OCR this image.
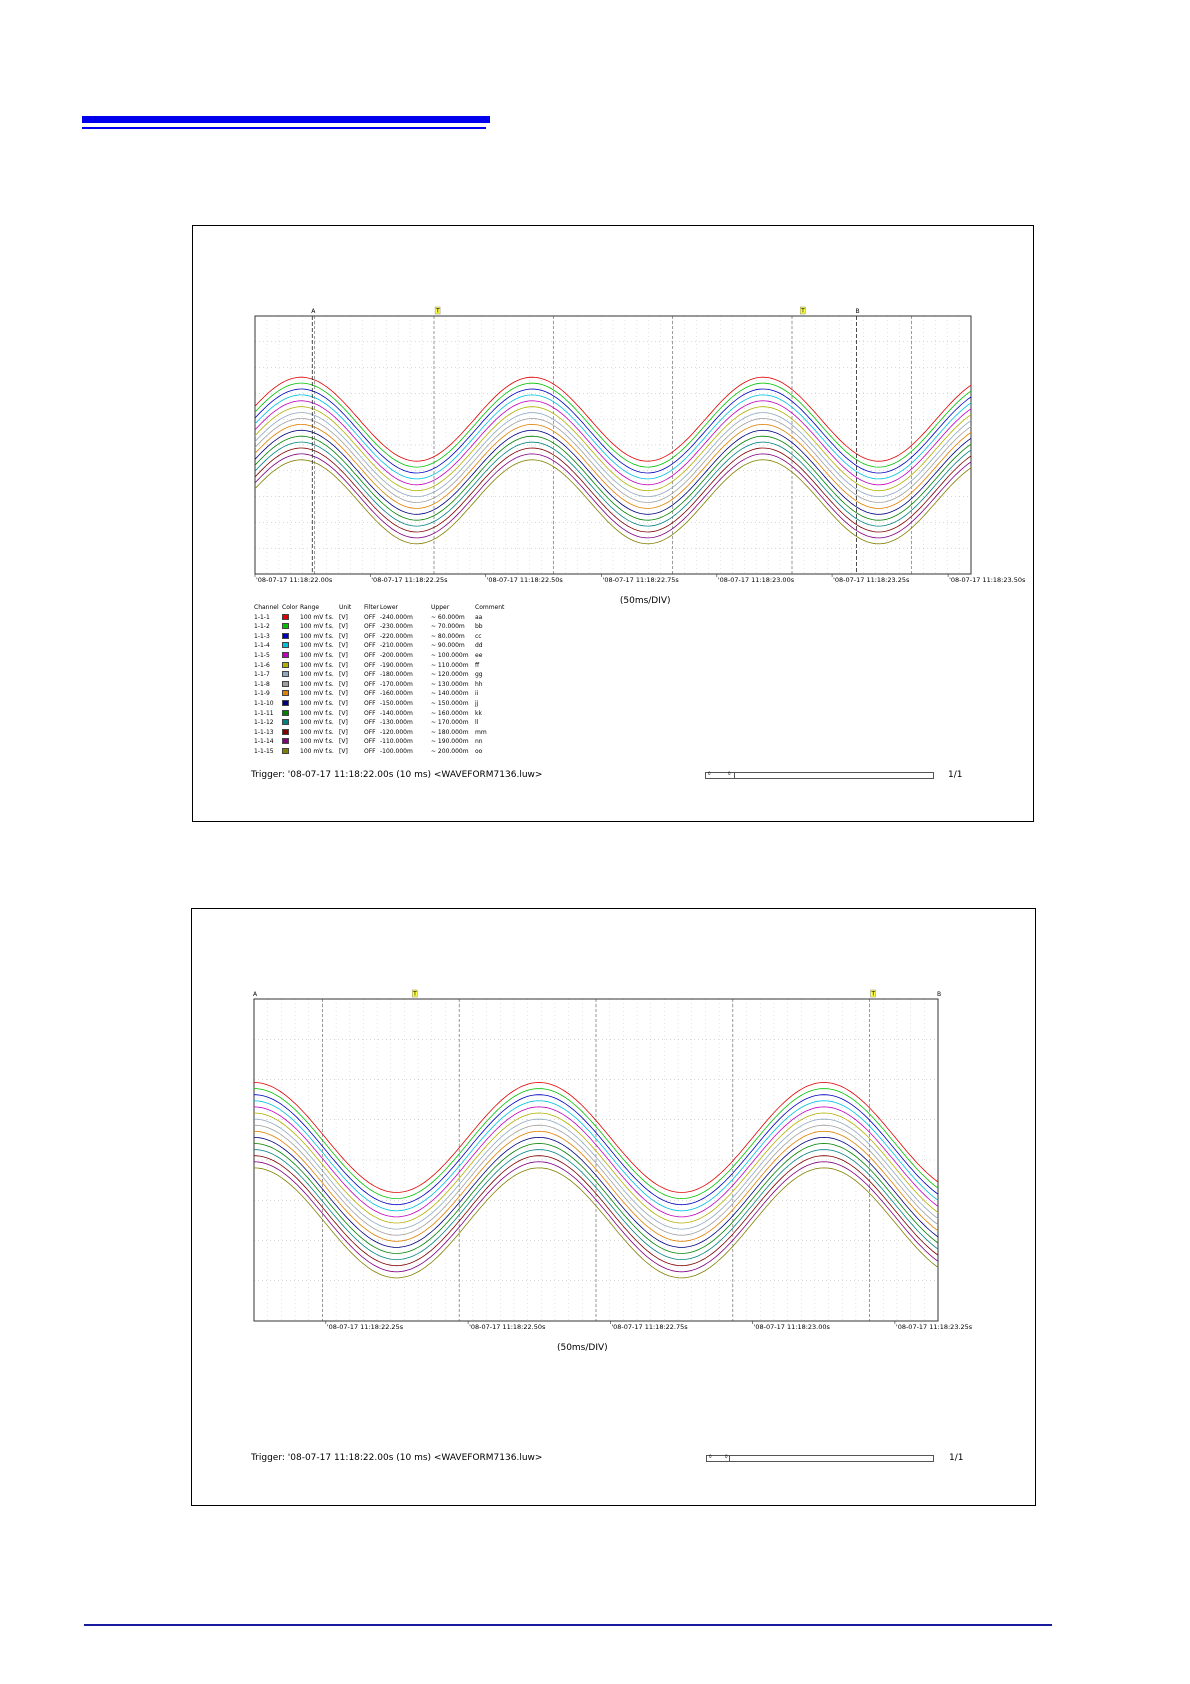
A	B
T	T
'08-07-17 11:18:22.00s	'08-07-17 11:18:22.25s	'08-07-17 11:18:22.50s	'08-07-17 11:18:22.75s	'08-07-17 11:18:23.00s	'08-07-17 11:18:23.25s	'08-07-17 11:18:23.50s
(50ms/DIV)
Channel Color Range	Unit Filter Lower	Upper	Comment
1-1-1	100 mV f.s. [V]	OFF -240.000m	~ 60.000m aa
1-1-2	100 mV f.s. [V]	OFF -230.000m	~ 70.000m bb
1-1-3	100 mV f.s. [V]	OFF -220.000m	~ 80.000m cc
1-1-4	100 mV f.s. [V]	OFF -210.000m	~ 90.000m dd
1-1-5	100 mV f.s. [V]	OFF -200.000m	~ 100.000m ee
1-1-6	100 mV f.s. [V]	OFF -190.000m	~ 110.000m ff
1-1-7	100 mV f.s. [V]	OFF -180.000m	~ 120.000m gg
1-1-8	100 mV f.s. [V]	OFF -170.000m	~ 130.000m hh
1-1-9	100 mV f.s. [V]	OFF -160.000m	~ 140.000m ii
1-1-10	100 mV f.s. [V]	OFF -150.000m	~ 150.000m jj
1-1-11	100 mV f.s. [V]	OFF -140.000m	~ 160.000m kk
1-1-12	100 mV f.s. [V]	OFF -130.000m	~ 170.000m ll
1-1-13	100 mV f.s. [V]	OFF -120.000m	~ 180.000m mm
1-1-14	100 mV f.s. [V]	OFF -110.000m	~ 190.000m nn
1-1-15	100 mV f.s. [V]	OFF -100.000m	~ 200.000m oo
Trigger: '08-07-17 11:18:22.00s (10 ms) <WAVEFORM7136.luw>	0	0	1/1
A	B
T	T
'08-07-17 11:18:22.25s	'08-07-17 11:18:22.50s	'08-07-17 11:18:22.75s	'08-07-17 11:18:23.00s	'08-07-17 11:18:23.25s
(50ms/DIV)
Trigger: '08-07-17 11:18:22.00s (10 ms) <WAVEFORM7136.luw>	0	0	1/1
